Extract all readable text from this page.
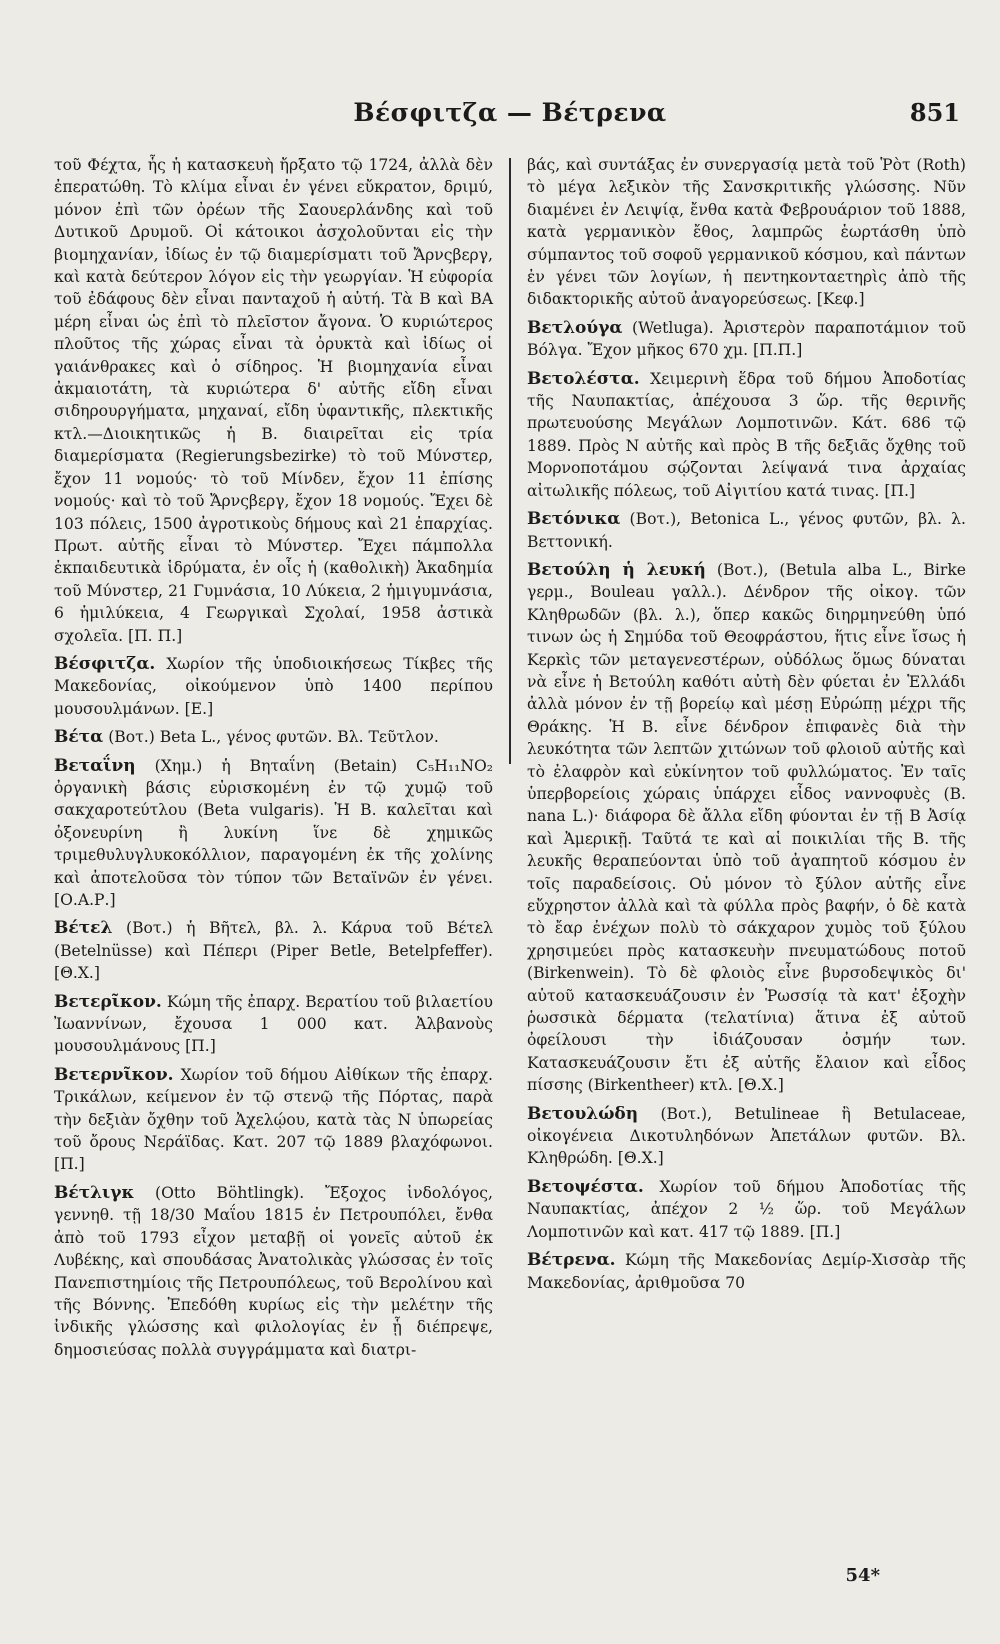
Βέσφιτζα — Βέτρενα	851

τοῦ Φέχτα, ἧς ἡ κατασκευὴ ἤρξατο τῷ 1724, ἀλλὰ δὲν ἐπερατώθη. Τὸ κλίμα εἶναι ἐν γένει εὔκρατον, δριμύ, μόνον ἐπὶ τῶν ὀρέων τῆς Σαουερλάνδης καὶ τοῦ Δυτικοῦ Δρυμοῦ. Οἱ κάτοικοι ἀσχολοῦνται εἰς τὴν βιομηχανίαν, ἰδίως ἐν τῷ διαμερίσματι τοῦ Ἄρνςβεργ, καὶ κατὰ δεύτερον λόγον εἰς τὴν γεωργίαν. Ἡ εὐφορία τοῦ ἐδάφους δὲν εἶναι πανταχοῦ ἡ αὐτή. Τὰ Β καὶ ΒΑ μέρη εἶναι ὡς ἐπὶ τὸ πλεῖστον ἄγονα. Ὁ κυριώτερος πλοῦτος τῆς χώρας εἶναι τὰ ὀρυκτὰ καὶ ἰδίως οἱ γαιάνθρακες καὶ ὁ σίδηρος. Ἡ βιομηχανία εἶναι ἀκμαιοτάτη, τὰ κυριώτερα δ' αὐτῆς εἴδη εἶναι σιδηρουργήματα, μηχαναί, εἴδη ὑφαντικῆς, πλεκτικῆς κτλ.—Διοικητικῶς ἡ Β. διαιρεῖται εἰς τρία διαμερίσματα (Regierungsbezirke) τὸ τοῦ Μύνστερ, ἔχον 11 νομούς· τὸ τοῦ Μίνδεν, ἔχον 11 ἐπίσης νομούς· καὶ τὸ τοῦ Ἄρνςβεργ, ἔχον 18 νομούς. Ἔχει δὲ 103 πόλεις, 1500 ἀγροτικοὺς δήμους καὶ 21 ἐπαρχίας. Πρωτ. αὐτῆς εἶναι τὸ Μύνστερ. Ἔχει πάμπολλα ἐκπαιδευτικὰ ἱδρύματα, ἐν οἷς ἡ (καθολικὴ) Ἀκαδημία τοῦ Μύνστερ, 21 Γυμνάσια, 10 Λύκεια, 2 ἡμιγυμνάσια, 6 ἡμιλύκεια, 4 Γεωργικαὶ Σχολαί, 1958 ἀστικὰ σχολεῖα. [Π. Π.]

Βέσφιτζα. Χωρίον τῆς ὑποδιοικήσεως Τίκβες τῆς Μακεδονίας, οἰκούμενον ὑπὸ 1400 περίπου μουσουλμάνων. [Ε.]

Βέτα (Βοτ.) Beta L., γένος φυτῶν. Βλ. Τεῦτλον.

Βεταΐνη (Χημ.) ἡ Βηταΐνη (Betain) C₅H₁₁NO₂ ὀργανικὴ βάσις εὑρισκομένη ἐν τῷ χυμῷ τοῦ σακχαροτεύτλου (Beta vulgaris). Ἡ Β. καλεῖται καὶ ὀξονευρίνη ἢ λυκίνη ἵνε δὲ χημικῶς τριμεθυλυγλυκοκόλλιον, παραγομένη ἐκ τῆς χολίνης καὶ ἀποτελοῦσα τὸν τύπον τῶν Βεταϊνῶν ἐν γένει. [Ο.Α.Ρ.]

Βέτελ (Βοτ.) ἡ Βῆτελ, βλ. λ. Κάρυα τοῦ Βέτελ (Betelnüsse) καὶ Πέπερι (Piper Betle, Betelpfeffer). [Θ.Χ.]

Βετερῖκον. Κώμη τῆς ἐπαρχ. Βερατίου τοῦ βιλαετίου Ἰωαννίνων, ἔχουσα 1 000 κατ. Ἀλβανοὺς μουσουλμάνους [Π.]

Βετερνῖκον. Χωρίον τοῦ δήμου Αἰθίκων τῆς ἐπαρχ. Τρικάλων, κείμενον ἐν τῷ στενῷ τῆς Πόρτας, παρὰ τὴν δεξιὰν ὄχθην τοῦ Ἀχελῴου, κατὰ τὰς Ν ὑπωρείας τοῦ ὄρους Νεράϊδας. Κατ. 207 τῷ 1889 βλαχόφωνοι.[Π.]

Βέτλιγκ (Otto Böhtlingk). Ἔξοχος ἰνδολόγος, γεννηθ. τῇ 18/30 Μαΐου 1815 ἐν Πετρουπόλει, ἔνθα ἀπὸ τοῦ 1793 εἶχον μεταβῇ οἱ γονεῖς αὐτοῦ ἐκ Λυβέκης, καὶ σπουδάσας Ἀνατολικὰς γλώσσας ἐν τοῖς Πανεπιστημίοις τῆς Πετρουπόλεως, τοῦ Βερολίνου καὶ τῆς Βόννης. Ἐπεδόθη κυρίως εἰς τὴν μελέτην τῆς ἰνδικῆς γλώσσης καὶ φιλολογίας ἐν ᾗ διέπρεψε, δημοσιεύσας πολλὰ συγγράμματα καὶ διατρι-

βάς, καὶ συντάξας ἐν συνεργασίᾳ μετὰ τοῦ Ῥὸτ (Roth) τὸ μέγα λεξικὸν τῆς Σανσκριτικῆς γλώσσης. Νῦν διαμένει ἐν Λειψίᾳ, ἔνθα κατὰ Φεβρουάριον τοῦ 1888, κατὰ γερμανικὸν ἔθος, λαμπρῶς ἑωρτάσθη ὑπὸ σύμπαντος τοῦ σοφοῦ γερμανικοῦ κόσμου, καὶ πάντων ἐν γένει τῶν λογίων, ἡ πεντηκονταετηρὶς ἀπὸ τῆς διδακτορικῆς αὐτοῦ ἀναγορεύσεως. [Κεφ.]

Βετλούγα (Wetluga). Ἀριστερὸν παραποτάμιον τοῦ Βόλγα. Ἔχον μῆκος 670 χμ. [Π.Π.]

Βετολέστα. Χειμερινὴ ἕδρα τοῦ δήμου Ἀποδοτίας τῆς Ναυπακτίας, ἀπέχουσα 3 ὥρ. τῆς θερινῆς πρωτευούσης Μεγάλων Λομποτινῶν. Κάτ. 686 τῷ 1889. Πρὸς Ν αὐτῆς καὶ πρὸς Β τῆς δεξιᾶς ὄχθης τοῦ Μορνοποτάμου σῴζονται λείψανά τινα ἀρχαίας αἰτωλικῆς πόλεως, τοῦ Αἰγιτίου κατά τινας. [Π.]

Βετόνικα (Βοτ.), Betonica L., γένος φυτῶν, βλ. λ. Βεττονική.

Βετούλη ἡ λευκή (Βοτ.), (Betula alba L., Birke γερμ., Bouleau γαλλ.). Δένδρον τῆς οἰκογ. τῶν Κληθρωδῶν (βλ. λ.), ὅπερ κακῶς διηρμηνεύθη ὑπό τινων ὡς ἡ Σημύδα τοῦ Θεοφράστου, ἥτις εἶνε ἴσως ἡ Κερκὶς τῶν μεταγενεστέρων, οὐδόλως ὅμως δύναται νὰ εἶνε ἡ Βετούλη καθότι αὐτὴ δὲν φύεται ἐν Ἑλλάδι ἀλλὰ μόνον ἐν τῇ βορείῳ καὶ μέσῃ Εὐρώπῃ μέχρι τῆς Θράκης. Ἡ Β. εἶνε δένδρον ἐπιφανὲς διὰ τὴν λευκότητα τῶν λεπτῶν χιτώνων τοῦ φλοιοῦ αὐτῆς καὶ τὸ ἐλαφρὸν καὶ εὐκίνητον τοῦ φυλλώματος. Ἐν ταῖς ὑπερβορείοις χώραις ὑπάρχει εἶδος ναννοφυὲς (B. nana L.)· διάφορα δὲ ἄλλα εἴδη φύονται ἐν τῇ Β Ἀσίᾳ καὶ Ἀμερικῇ. Ταῦτά τε καὶ αἱ ποικιλίαι τῆς Β. τῆς λευκῆς θεραπεύονται ὑπὸ τοῦ ἀγαπητοῦ κόσμου ἐν τοῖς παραδείσοις. Οὐ μόνον τὸ ξύλον αὐτῆς εἶνε εὔχρηστον ἀλλὰ καὶ τὰ φύλλα πρὸς βαφήν, ὁ δὲ κατὰ τὸ ἔαρ ἐνέχων πολὺ τὸ σάκχαρον χυμὸς τοῦ ξύλου χρησιμεύει πρὸς κατασκευὴν πνευματώδους ποτοῦ (Birkenwein). Τὸ δὲ φλοιὸς εἶνε βυρσοδεψικὸς δι' αὐτοῦ κατασκευάζουσιν ἐν Ῥωσσίᾳ τὰ κατ' ἐξοχὴν ῥωσσικὰ δέρματα (τελατίνια) ἅτινα ἐξ αὐτοῦ ὀφείλουσι τὴν ἰδιάζουσαν ὀσμήν των. Κατασκευάζουσιν ἔτι ἐξ αὐτῆς ἔλαιον καὶ εἶδος πίσσης (Birkentheer) κτλ. [Θ.Χ.]

Βετουλώδη (Βοτ.), Betulineae ἢ Betulaceae, οἰκογένεια Δικοτυληδόνων Ἀπετάλων φυτῶν. Βλ. Κληθρώδη. [Θ.Χ.]

Βετοψέστα. Χωρίον τοῦ δήμου Ἀποδοτίας τῆς Ναυπακτίας, ἀπέχον 2 ½ ὥρ. τοῦ Μεγάλων Λομποτινῶν καὶ κατ. 417 τῷ 1889. [Π.]

Βέτρενα. Κώμη τῆς Μακεδονίας Δεμίρ-Χισσὰρ τῆς Μακεδονίας, ἀριθμοῦσα 70

54*
